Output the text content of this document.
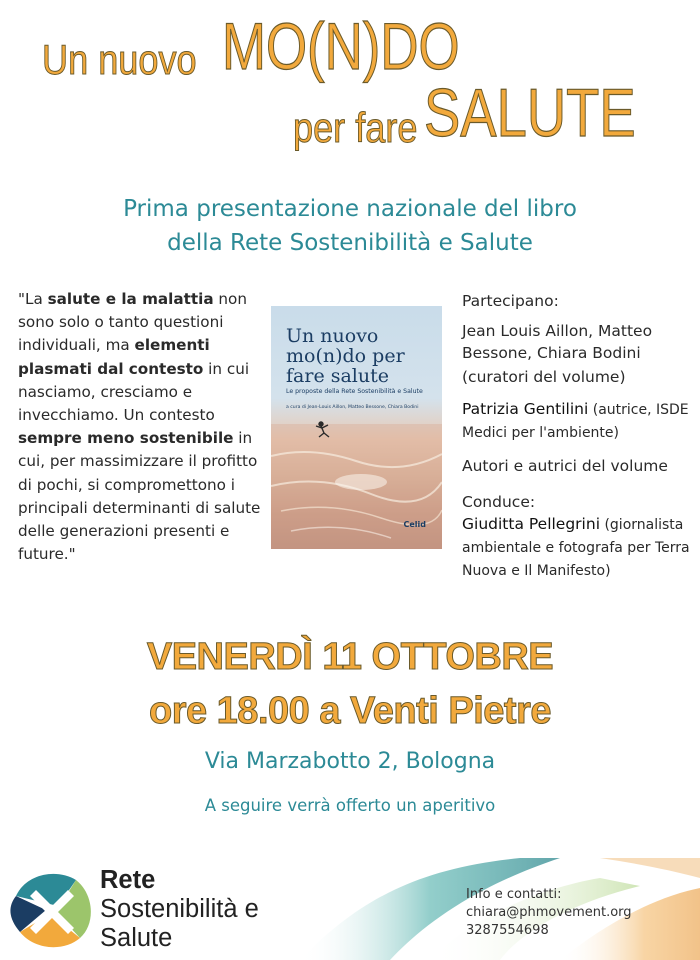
Un nuovo MO(N)DO
per fare SALUTE
Prima presentazione nazionale del libro
della Rete Sostenibilità e Salute
"La salute e la malattia non sono solo o tanto questioni individuali, ma elementi plasmati dal contesto in cui nasciamo, cresciamo e invecchiamo. Un contesto sempre meno sostenibile in cui, per massimizzare il profitto di pochi, si compromettono i principali determinanti di salute delle generazioni presenti e future."
Un nuovo mo(n)do per fare salute
Le proposte della Rete Sostenibilità e Salute
a cura di Jean-Louis Aillon, Matteo Bessone, Chiara Bodini
Celid
Partecipano:
Jean Louis Aillon, Matteo Bessone, Chiara Bodini
(curatori del volume)
Patrizia Gentilini (autrice, ISDE Medici per l'ambiente)
Autori e autrici del volume
Conduce:
Giuditta Pellegrini (giornalista ambientale e fotografa per Terra Nuova e Il Manifesto)
VENERDÌ 11 OTTOBRE
ore 18.00 a Venti Pietre
Via Marzabotto 2, Bologna
A seguire verrà offerto un aperitivo
Rete
Sostenibilità e
Salute
Info e contatti:
chiara@phmovement.org
3287554698
